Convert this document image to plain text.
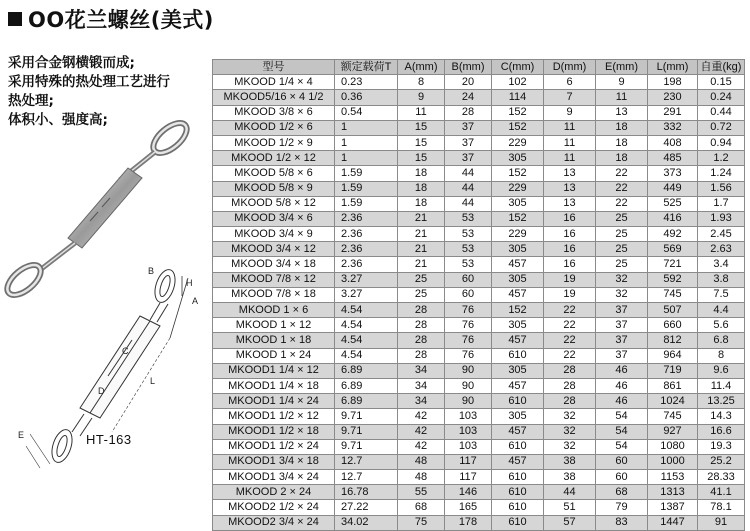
OO花兰螺丝(美式)
采用合金钢横锻而成;
采用特殊的热处理工艺进行
热处理;
体积小、强度高;
B
H
C
A
D
L
E	HT-163
型号	额定载荷T	A(mm)	B(mm)	C(mm)	D(mm)	E(mm)	L(mm)	自重(kg)
MKOOD 1/4 × 4	0.23	8	20	102	6	9	198	0.15
MKOOD5/16 × 4 1/2	0.36	9	24	114	7	11	230	0.24
MKOOD 3/8 × 6	0.54	11	28	152	9	13	291	0.44
MKOOD 1/2 × 6	1	15	37	152	11	18	332	0.72
MKOOD 1/2 × 9	1	15	37	229	11	18	408	0.94
MKOOD 1/2 × 12	1	15	37	305	11	18	485	1.2
MKOOD 5/8 × 6	1.59	18	44	152	13	22	373	1.24
MKOOD 5/8 × 9	1.59	18	44	229	13	22	449	1.56
MKOOD 5/8 × 12	1.59	18	44	305	13	22	525	1.7
MKOOD 3/4 × 6	2.36	21	53	152	16	25	416	1.93
MKOOD 3/4 × 9	2.36	21	53	229	16	25	492	2.45
MKOOD 3/4 × 12	2.36	21	53	305	16	25	569	2.63
MKOOD 3/4 × 18	2.36	21	53	457	16	25	721	3.4
MKOOD 7/8 × 12	3.27	25	60	305	19	32	592	3.8
MKOOD 7/8 × 18	3.27	25	60	457	19	32	745	7.5
MKOOD 1 × 6	4.54	28	76	152	22	37	507	4.4
MKOOD 1 × 12	4.54	28	76	305	22	37	660	5.6
MKOOD 1 × 18	4.54	28	76	457	22	37	812	6.8
MKOOD 1 × 24	4.54	28	76	610	22	37	964	8
MKOOD1 1/4 × 12	6.89	34	90	305	28	46	719	9.6
MKOOD1 1/4 × 18	6.89	34	90	457	28	46	861	11.4
MKOOD1 1/4 × 24	6.89	34	90	610	28	46	1024	13.25
MKOOD1 1/2 × 12	9.71	42	103	305	32	54	745	14.3
MKOOD1 1/2 × 18	9.71	42	103	457	32	54	927	16.6
MKOOD1 1/2 × 24	9.71	42	103	610	32	54	1080	19.3
MKOOD1 3/4 × 18	12.7	48	117	457	38	60	1000	25.2
MKOOD1 3/4 × 24	12.7	48	117	610	38	60	1153	28.33
MKOOD 2 × 24	16.78	55	146	610	44	68	1313	41.1
MKOOD2 1/2 × 24	27.22	68	165	610	51	79	1387	78.1
MKOOD2 3/4 × 24	34.02	75	178	610	57	83	1447	91
